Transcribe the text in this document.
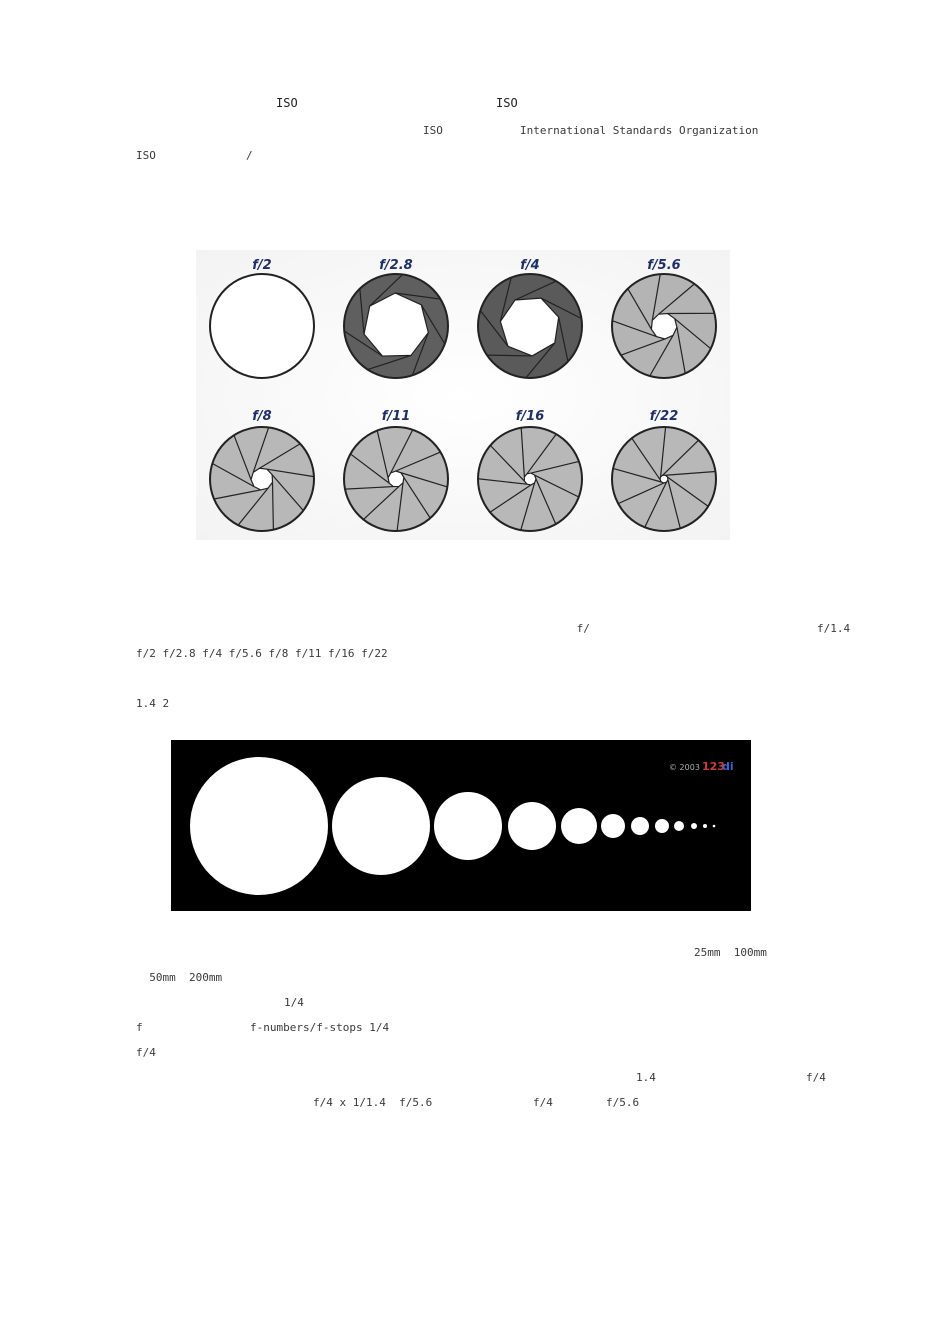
ISO	ISO
ISO	International Standards Organization
ISO	/
f/2	f/2.8	f/4	f/5.6
f/8	f/11	f/16	f/22
f/	f/1.4
f/2 f/2.8 f/4 f/5.6 f/8 f/11 f/16 f/22
1.4 2
© 2003 123
di
25mm  100mm
50mm  200mm
1/4
f	f-numbers/f-stops 1/4
f/4
1.4	f/4
f/4 x 1/1.4  f/5.6	f/4	f/5.6
